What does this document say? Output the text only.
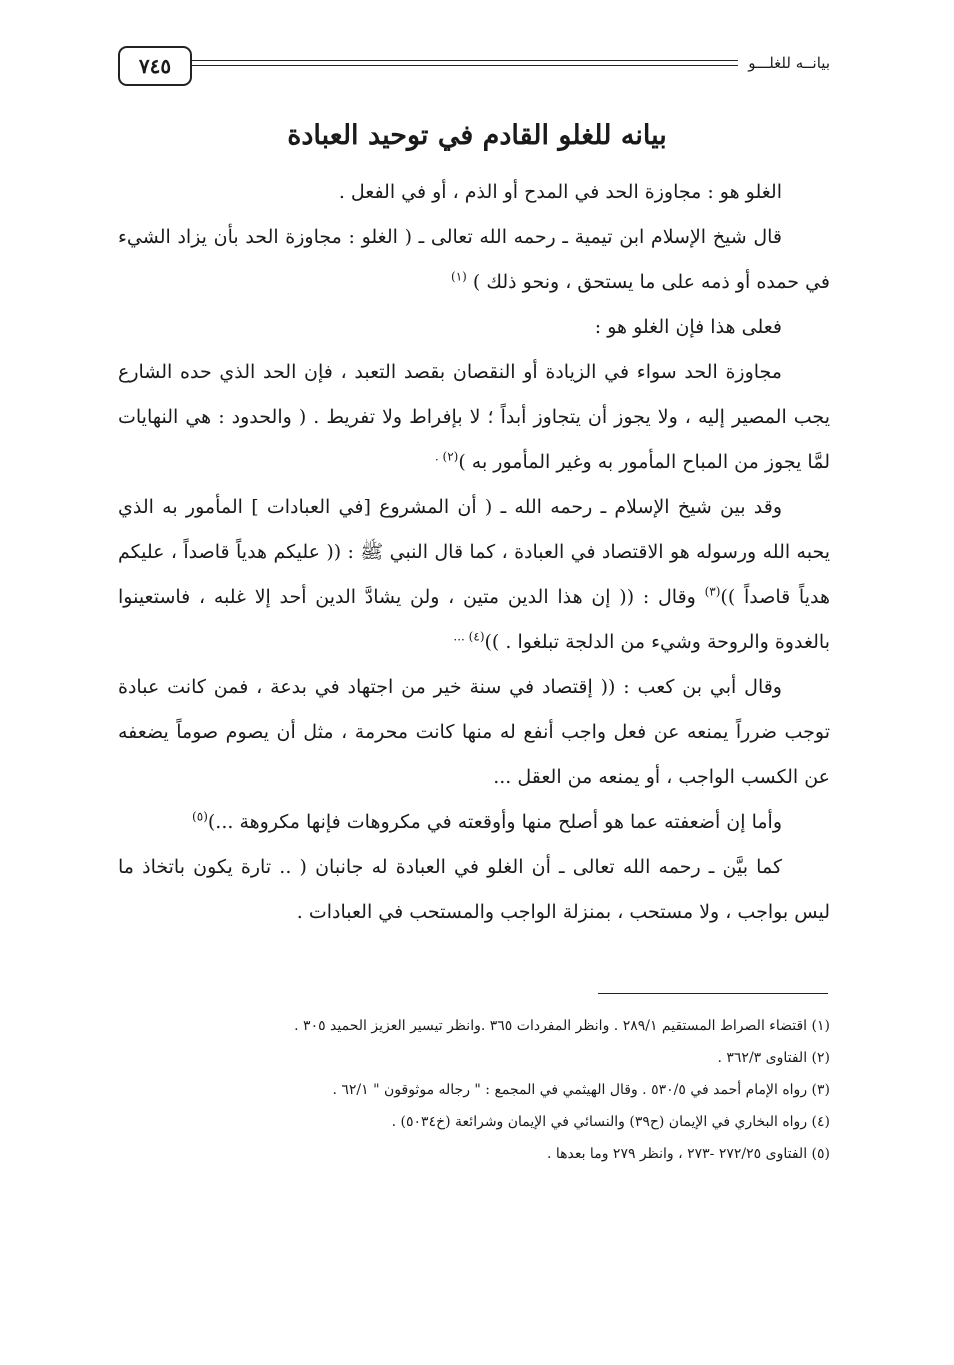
بيانــه للغلـــو
٧٤٥
بيانه للغلو القادم في توحيد العبادة

الغلو هو : مجاوزة الحد في المدح أو الذم ، أو في الفعل .

قال شيخ الإسلام ابن تيمية ـ رحمه الله تعالى ـ ( الغلو : مجاوزة الحد بأن يزاد الشيء في حمده أو ذمه على ما يستحق ، ونحو ذلك ) $^{(١)}$

فعلى هذا فإن الغلو هو :

مجاوزة الحد سواء في الزيادة أو النقصان بقصد التعبد ، فإن الحد الذي حده الشارع يجب المصير إليه ، ولا يجوز أن يتجاوز أبداً ؛ لا بإفراط ولا تفريط . ( والحدود : هي النهايات لمَّا يجوز من المباح المأمور به وغير المأمور به )$^{(٢) .}$

وقد بين شيخ الإسلام ـ رحمه الله ـ ( أن المشروع [في العبادات ] المأمور به الذي يحبه الله ورسوله هو الاقتصاد في العبادة ، كما قال النبي ﷺ : (( عليكم هدياً قاصداً ، عليكم هدياً قاصداً ))$^{(٣)}$ وقال : (( إن هذا الدين متين ، ولن يشادَّ الدين أحد إلا غلبه ، فاستعينوا بالغدوة والروحة وشيء من الدلجة تبلغوا . ))$^{(٤) ...}$

وقال أبي بن كعب : (( إقتصاد في سنة خير من اجتهاد في بدعة ، فمن كانت عبادة توجب ضرراً يمنعه عن فعل واجب أنفع له منها كانت محرمة ، مثل أن يصوم صوماً يضعفه عن الكسب الواجب ، أو يمنعه من العقل ...

وأما إن أضعفته عما هو أصلح منها وأوقعته في مكروهات فإنها مكروهة ...)$^{(٥)}$

كما بيَّن ـ رحمه الله تعالى ـ أن الغلو في العبادة له جانبان ( .. تارة يكون باتخاذ ما ليس بواجب ، ولا مستحب ، بمنزلة الواجب والمستحب في العبادات .

(١) اقتضاء الصراط المستقيم ٢٨٩/١ . وانظر المفردات ٣٦٥ .وانظر تيسير العزيز الحميد ٣٠٥ .

(٢) الفتاوى ٣٦٢/٣ .

(٣) رواه الإمام أحمد في ٥٣٠/٥ . وقال الهيثمي في المجمع : " رجاله موثوقون " ٦٢/١ .

(٤) رواه البخاري في الإيمان (ح٣٩) والنسائي في الإيمان وشرائعة (خ٥٠٣٤) .

(٥) الفتاوى ٢٧٢/٢٥ -٢٧٣ ، وانظر ٢٧٩ وما بعدها .
